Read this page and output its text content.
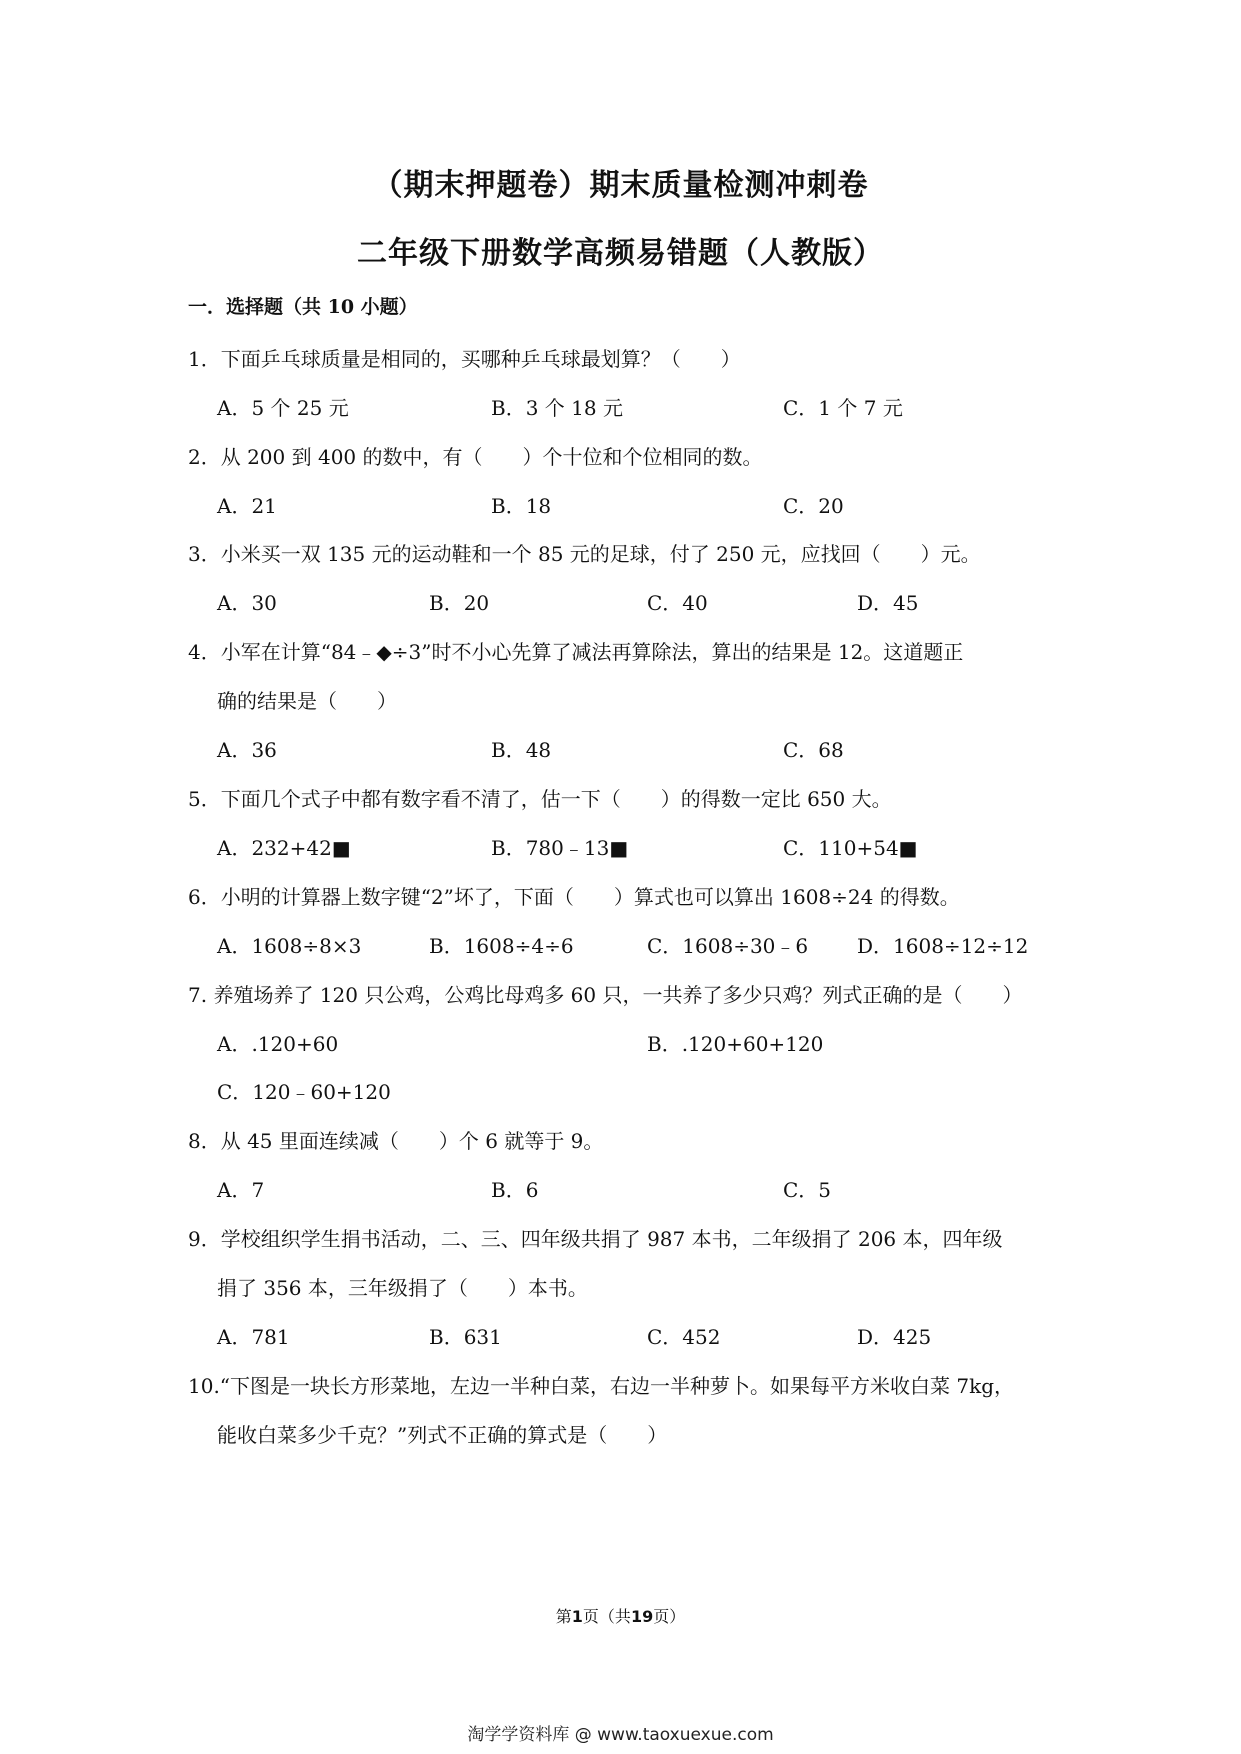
（期末押题卷）期末质量检测冲刺卷
二年级下册数学高频易错题（人教版）
一．选择题（共 10 小题）
1．下面乒乓球质量是相同的，买哪种乒乓球最划算？（　　）
A．5 个 25 元	B．3 个 18 元	C．1 个 7 元
2．从 200 到 400 的数中，有（　　）个十位和个位相同的数。
A．21	B．18	C．20
3．小米买一双 135 元的运动鞋和一个 85 元的足球，付了 250 元，应找回（　　）元。
A．30	B．20	C．40	D．45
4．小军在计算“84﹣◆÷3”时不小心先算了减法再算除法，算出的结果是 12。这道题正
确的结果是（　　）
A．36	B．48	C．68
5．下面几个式子中都有数字看不清了，估一下（　　）的得数一定比 650 大。
A．232+42■	B．780﹣13■	C．110+54■
6．小明的计算器上数字键“2”坏了，下面（　　）算式也可以算出 1608÷24 的得数。
A．1608÷8×3	B．1608÷4÷6	C．1608÷30﹣6 D．1608÷12÷12
7. 养殖场养了 120 只公鸡，公鸡比母鸡多 60 只，一共养了多少只鸡？列式正确的是（　　）
A．.120+60	B．.120+60+120
C．120﹣60+120
8．从 45 里面连续减（　　）个 6 就等于 9。
A．7	B．6	C．5
9．学校组织学生捐书活动，二、三、四年级共捐了 987 本书，二年级捐了 206 本，四年级
捐了 356 本，三年级捐了（　　）本书。
A．781	B．631	C．452	D．425
10.“下图是一块长方形菜地，左边一半种白菜，右边一半种萝卜。如果每平方米收白菜 7kg，
能收白菜多少千克？”列式不正确的算式是（　　）
第1页（共19页）
淘学学资料库 @ www.taoxuexue.com
